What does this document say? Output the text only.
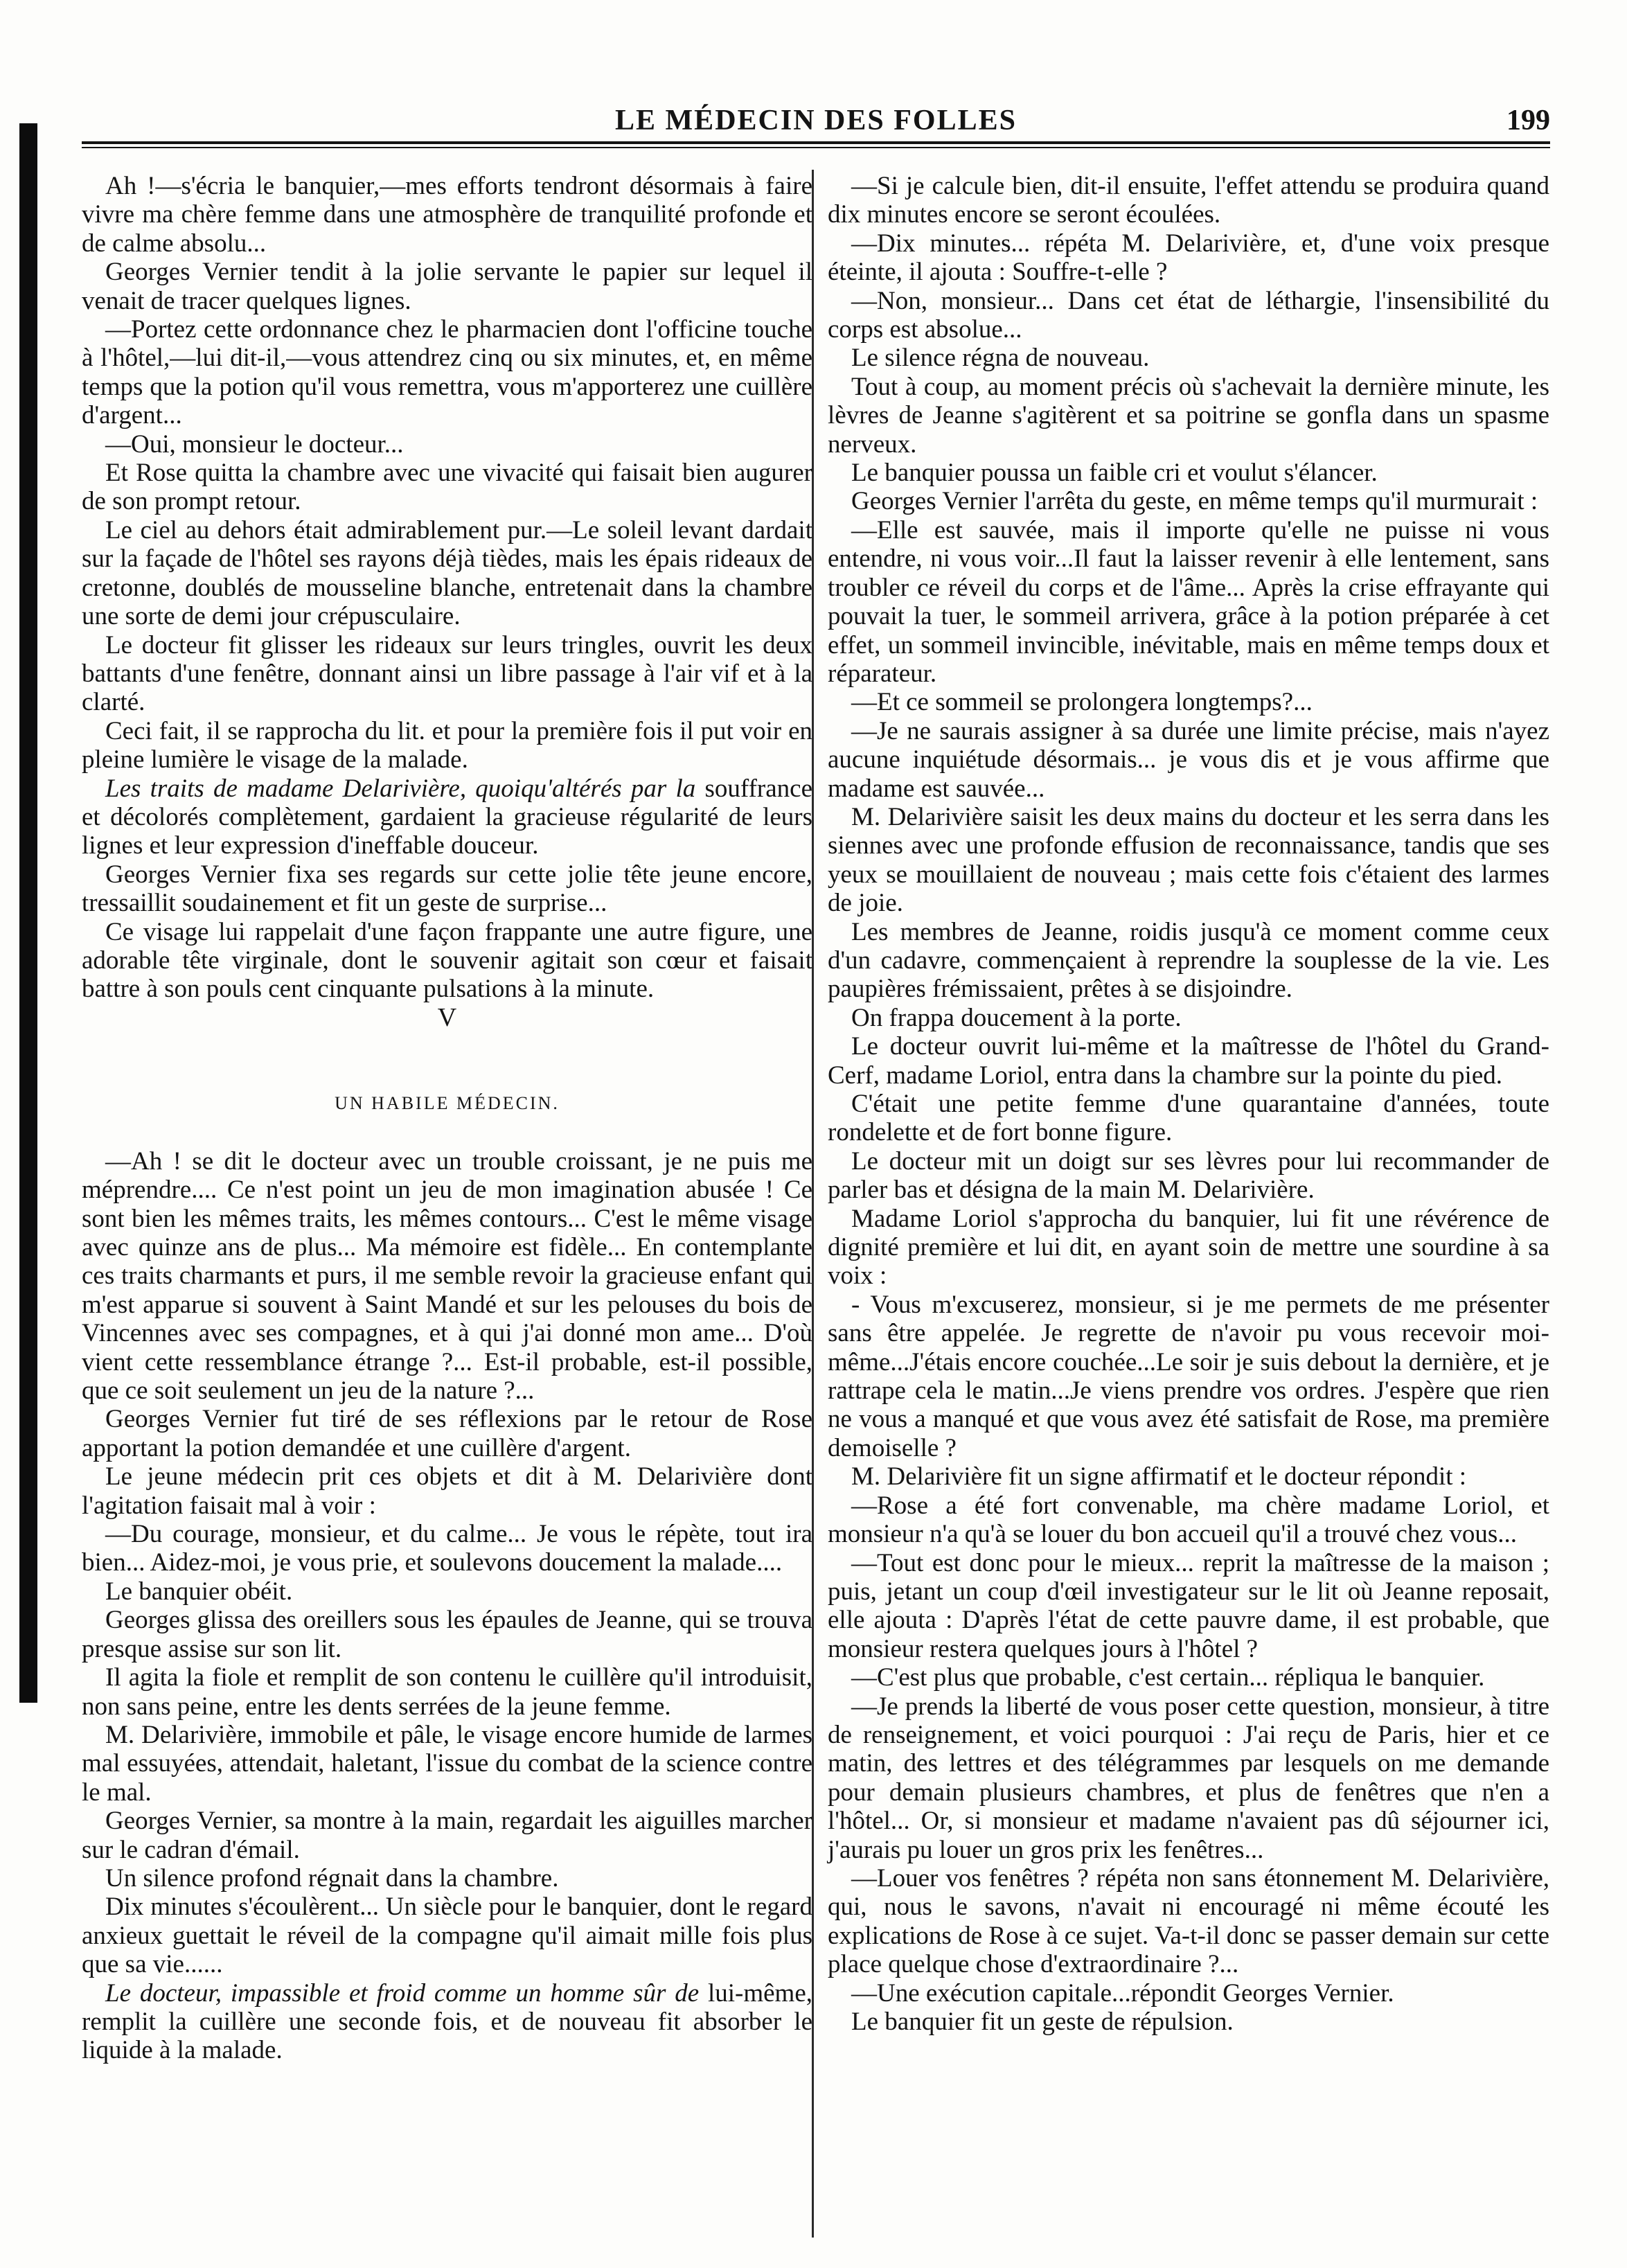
LE MÉDECIN DES FOLLES	199

Ah !—s'écria le banquier,—mes efforts tendront désormais à faire vivre ma chère femme dans une atmosphère de tranquilité profonde et de calme absolu...

Georges Vernier tendit à la jolie servante le papier sur lequel il venait de tracer quelques lignes.

—Portez cette ordonnance chez le pharmacien dont l'officine touche à l'hôtel,—lui dit-il,—vous attendrez cinq ou six minutes, et, en même temps que la potion qu'il vous remettra, vous m'apporterez une cuillère d'argent...

—Oui, monsieur le docteur...

Et Rose quitta la chambre avec une vivacité qui faisait bien augurer de son prompt retour.

Le ciel au dehors était admirablement pur.—Le soleil levant dardait sur la façade de l'hôtel ses rayons déjà tièdes, mais les épais rideaux de cretonne, doublés de mousseline blanche, entretenait dans la chambre une sorte de demi jour crépusculaire.

Le docteur fit glisser les rideaux sur leurs tringles, ouvrit les deux battants d'une fenêtre, donnant ainsi un libre passage à l'air vif et à la clarté.

Ceci fait, il se rapprocha du lit. et pour la première fois il put voir en pleine lumière le visage de la malade.

Les traits de madame Delarivière, quoiqu'altérés par la souffrance et décolorés complètement, gardaient la gracieuse régularité de leurs lignes et leur expression d'ineffable douceur.

Georges Vernier fixa ses regards sur cette jolie tête jeune encore, tressaillit soudainement et fit un geste de surprise...

Ce visage lui rappelait d'une façon frappante une autre figure, une adorable tête virginale, dont le souvenir agitait son cœur et faisait battre à son pouls cent cinquante pulsations à la minute.

V
UN HABILE MÉDECIN.

—Ah ! se dit le docteur avec un trouble croissant, je ne puis me méprendre.... Ce n'est point un jeu de mon imagination abusée ! Ce sont bien les mêmes traits, les mêmes contours... C'est le même visage avec quinze ans de plus... Ma mémoire est fidèle... En contemplante ces traits charmants et purs, il me semble revoir la gracieuse enfant qui m'est apparue si souvent à Saint Mandé et sur les pelouses du bois de Vincennes avec ses compagnes, et à qui j'ai donné mon ame... D'où vient cette ressemblance étrange ?... Est-il probable, est-il possible, que ce soit seulement un jeu de la nature ?...

Georges Vernier fut tiré de ses réflexions par le retour de Rose apportant la potion demandée et une cuillère d'argent.

Le jeune médecin prit ces objets et dit à M. Delarivière dont l'agitation faisait mal à voir :

—Du courage, monsieur, et du calme... Je vous le répète, tout ira bien... Aidez-moi, je vous prie, et soulevons doucement la malade....

Le banquier obéit.

Georges glissa des oreillers sous les épaules de Jeanne, qui se trouva presque assise sur son lit.

Il agita la fiole et remplit de son contenu le cuillère qu'il introduisit, non sans peine, entre les dents serrées de la jeune femme.

M. Delarivière, immobile et pâle, le visage encore humide de larmes mal essuyées, attendait, haletant, l'issue du combat de la science contre le mal.

Georges Vernier, sa montre à la main, regardait les aiguilles marcher sur le cadran d'émail.

Un silence profond régnait dans la chambre.

Dix minutes s'écoulèrent... Un siècle pour le banquier, dont le regard anxieux guettait le réveil de la compagne qu'il aimait mille fois plus que sa vie......

Le docteur, impassible et froid comme un homme sûr de lui-même, remplit la cuillère une seconde fois, et de nouveau fit absorber le liquide à la malade.

—Si je calcule bien, dit-il ensuite, l'effet attendu se produira quand dix minutes encore se seront écoulées.

—Dix minutes... répéta M. Delarivière, et, d'une voix presque éteinte, il ajouta : Souffre-t-elle ?

—Non, monsieur... Dans cet état de léthargie, l'insensibilité du corps est absolue...

Le silence régna de nouveau.

Tout à coup, au moment précis où s'achevait la dernière minute, les lèvres de Jeanne s'agitèrent et sa poitrine se gonfla dans un spasme nerveux.

Le banquier poussa un faible cri et voulut s'élancer.

Georges Vernier l'arrêta du geste, en même temps qu'il murmurait :

—Elle est sauvée, mais il importe qu'elle ne puisse ni vous entendre, ni vous voir...Il faut la laisser revenir à elle lentement, sans troubler ce réveil du corps et de l'âme... Après la crise effrayante qui pouvait la tuer, le sommeil arrivera, grâce à la potion préparée à cet effet, un sommeil invincible, inévitable, mais en même temps doux et réparateur.

—Et ce sommeil se prolongera longtemps?...

—Je ne saurais assigner à sa durée une limite précise, mais n'ayez aucune inquiétude désormais... je vous dis et je vous affirme que madame est sauvée...

M. Delarivière saisit les deux mains du docteur et les serra dans les siennes avec une profonde effusion de reconnaissance, tandis que ses yeux se mouillaient de nouveau ; mais cette fois c'étaient des larmes de joie.

Les membres de Jeanne, roidis jusqu'à ce moment comme ceux d'un cadavre, commençaient à reprendre la souplesse de la vie. Les paupières frémissaient, prêtes à se disjoindre.

On frappa doucement à la porte.

Le docteur ouvrit lui-même et la maîtresse de l'hôtel du Grand-Cerf, madame Loriol, entra dans la chambre sur la pointe du pied.

C'était une petite femme d'une quarantaine d'années, toute rondelette et de fort bonne figure.

Le docteur mit un doigt sur ses lèvres pour lui recommander de parler bas et désigna de la main M. Delarivière.

Madame Loriol s'approcha du banquier, lui fit une révérence de dignité première et lui dit, en ayant soin de mettre une sourdine à sa voix :

- Vous m'excuserez, monsieur, si je me permets de me présenter sans être appelée. Je regrette de n'avoir pu vous recevoir moi-même...J'étais encore couchée...Le soir je suis debout la dernière, et je rattrape cela le matin...Je viens prendre vos ordres. J'espère que rien ne vous a manqué et que vous avez été satisfait de Rose, ma première demoiselle ?

M. Delarivière fit un signe affirmatif et le docteur répondit :

—Rose a été fort convenable, ma chère madame Loriol, et monsieur n'a qu'à se louer du bon accueil qu'il a trouvé chez vous...

—Tout est donc pour le mieux... reprit la maîtresse de la maison ; puis, jetant un coup d'œil investigateur sur le lit où Jeanne reposait, elle ajouta : D'après l'état de cette pauvre dame, il est probable, que monsieur restera quelques jours à l'hôtel ?

—C'est plus que probable, c'est certain... répliqua le banquier.

—Je prends la liberté de vous poser cette question, monsieur, à titre de renseignement, et voici pourquoi : J'ai reçu de Paris, hier et ce matin, des lettres et des télégrammes par lesquels on me demande pour demain plusieurs chambres, et plus de fenêtres que n'en a l'hôtel... Or, si monsieur et madame n'avaient pas dû séjourner ici, j'aurais pu louer un gros prix les fenêtres...

—Louer vos fenêtres ? répéta non sans étonnement M. Delarivière, qui, nous le savons, n'avait ni encouragé ni même écouté les explications de Rose à ce sujet. Va-t-il donc se passer demain sur cette place quelque chose d'extraordinaire ?...

—Une exécution capitale...répondit Georges Vernier.

Le banquier fit un geste de répulsion.
